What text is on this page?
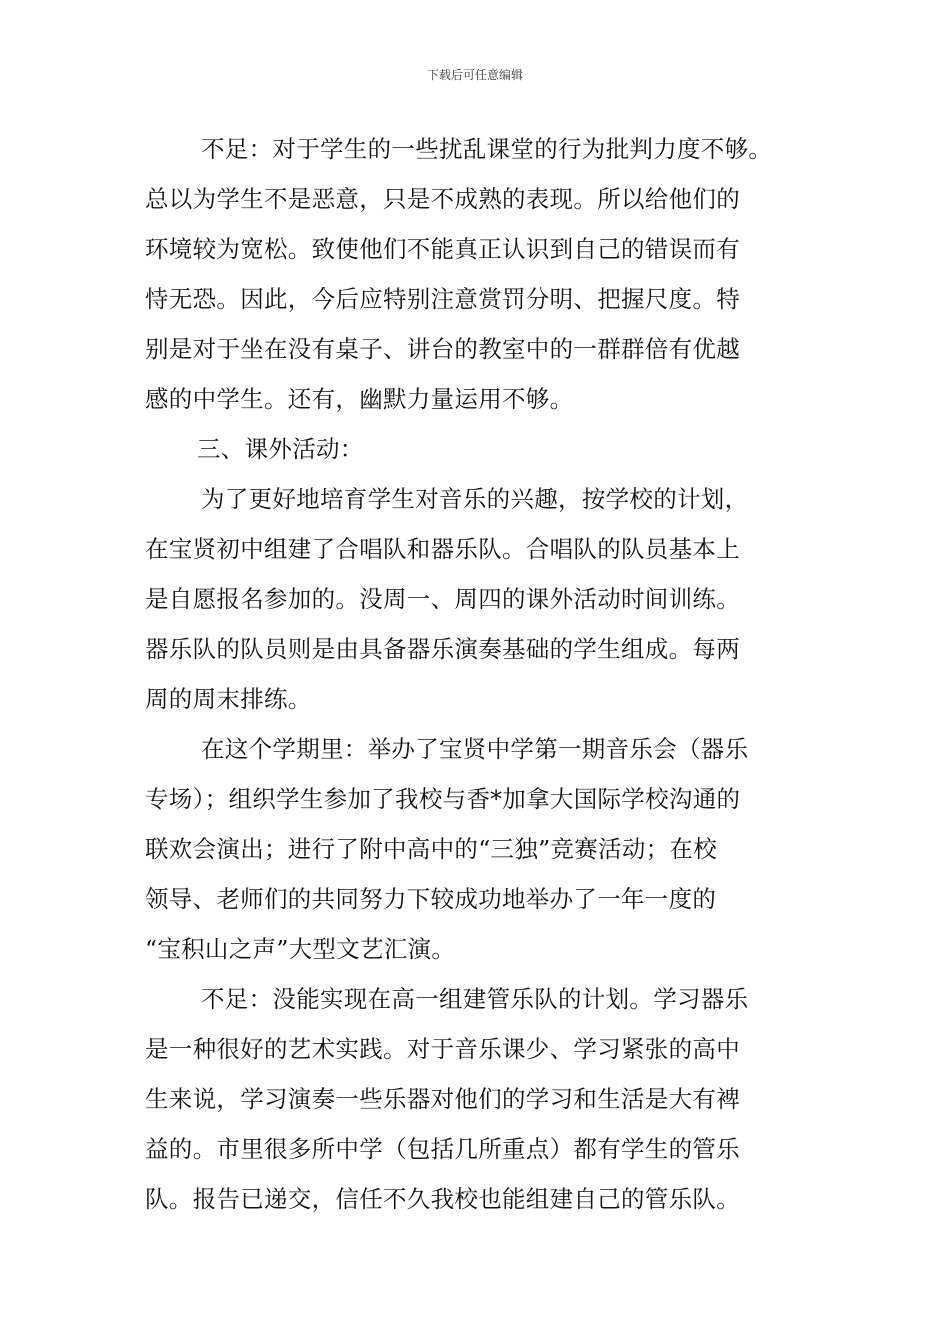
下载后可任意编辑
不足：对于学生的一些扰乱课堂的行为批判力度不够。
总以为学生不是恶意，只是不成熟的表现。所以给他们的
环境较为宽松。致使他们不能真正认识到自己的错误而有
恃无恐。因此，今后应特别注意赏罚分明、把握尺度。特
别是对于坐在没有桌子、讲台的教室中的一群群倍有优越
感的中学生。还有，幽默力量运用不够。
三、课外活动：
为了更好地培育学生对音乐的兴趣，按学校的计划，
在宝贤初中组建了合唱队和器乐队。合唱队的队员基本上
是自愿报名参加的。没周一、周四的课外活动时间训练。
器乐队的队员则是由具备器乐演奏基础的学生组成。每两
周的周末排练。
在这个学期里：举办了宝贤中学第一期音乐会（器乐
专场）；组织学生参加了我校与香*加拿大国际学校沟通的
联欢会演出；进行了附中高中的“三独”竞赛活动；在校
领导、老师们的共同努力下较成功地举办了一年一度的
“宝积山之声”大型文艺汇演。
不足：没能实现在高一组建管乐队的计划。学习器乐
是一种很好的艺术实践。对于音乐课少、学习紧张的高中
生来说，学习演奏一些乐器对他们的学习和生活是大有裨
益的。市里很多所中学（包括几所重点）都有学生的管乐
队。报告已递交，信任不久我校也能组建自己的管乐队。
